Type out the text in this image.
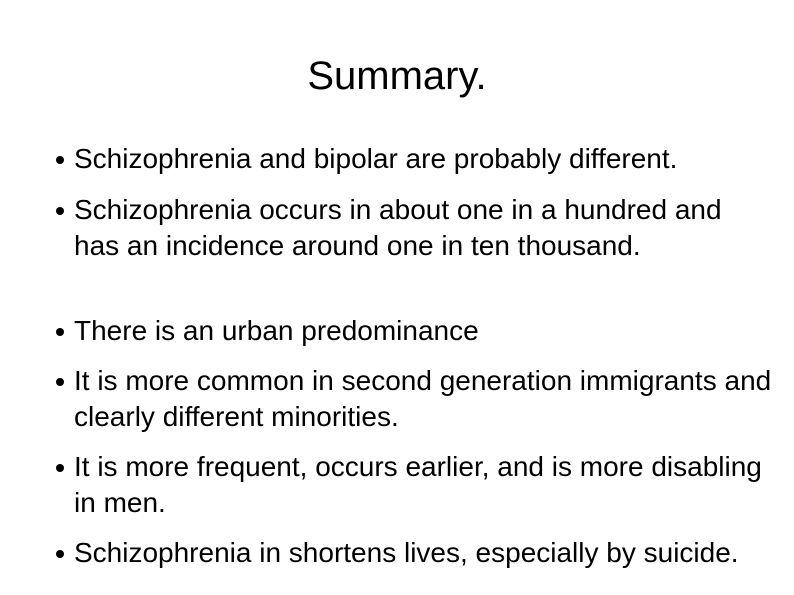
Summary.
Schizophrenia and bipolar are probably different.
Schizophrenia occurs in about one in a hundred and has an incidence around one in ten thousand.
There is an urban predominance
It is more common in second generation immigrants and clearly different minorities.
It is more frequent, occurs earlier, and is more disabling in men.
Schizophrenia in shortens lives, especially by suicide.
